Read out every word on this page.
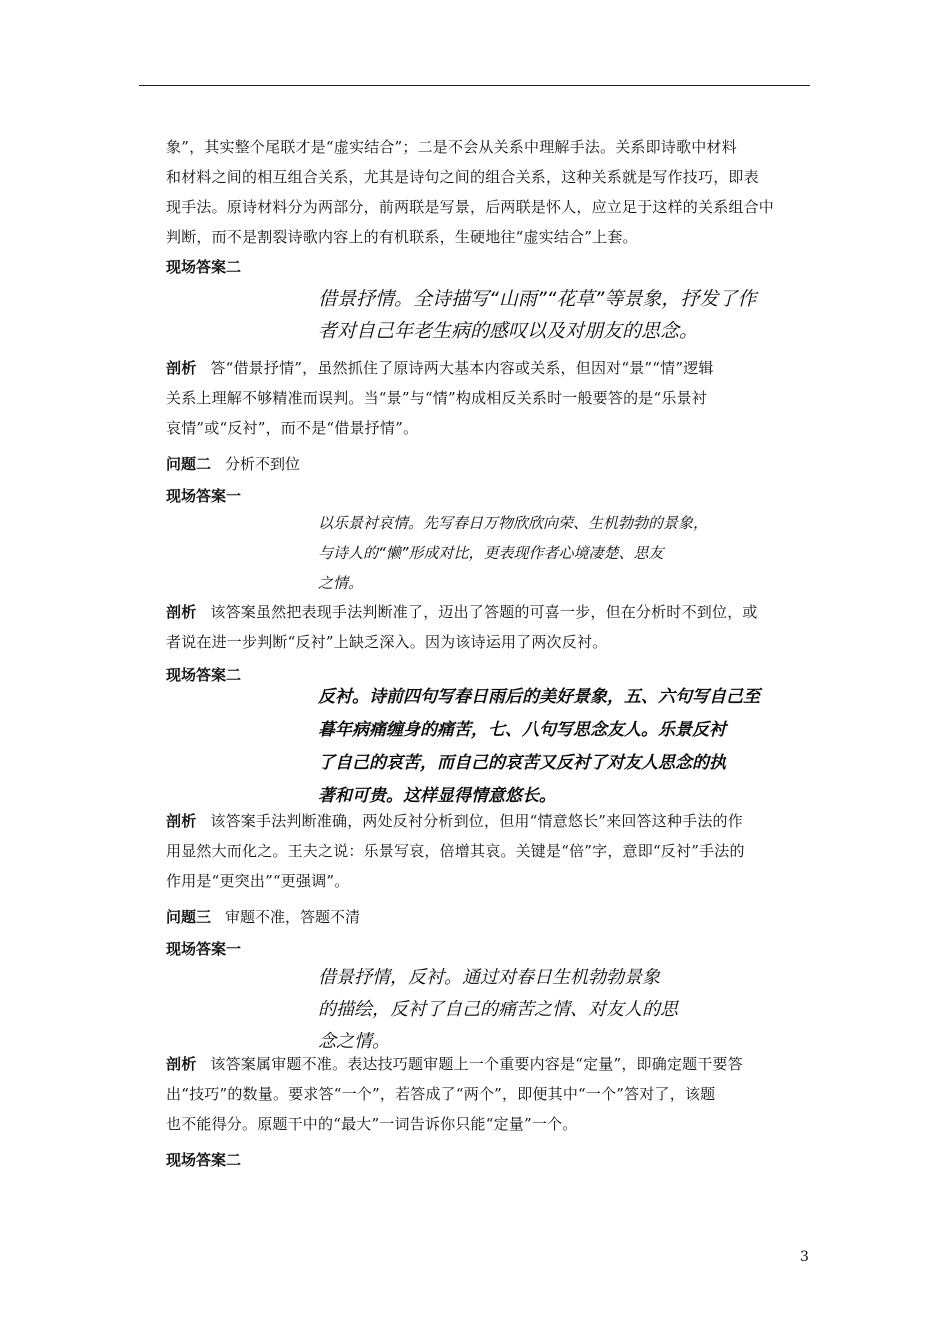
象”，其实整个尾联才是“虚实结合”；二是不会从关系中理解手法。关系即诗歌中材料

和材料之间的相互组合关系，尤其是诗句之间的组合关系，这种关系就是写作技巧，即表

现手法。原诗材料分为两部分，前两联是写景，后两联是怀人，应立足于这样的关系组合中

判断，而不是割裂诗歌内容上的有机联系，生硬地往“虚实结合”上套。

现场答案二

借景抒情。全诗描写“山雨”“花草”等景象，抒发了作
者对自己年老生病的感叹以及对朋友的思念。

剖析 答“借景抒情”，虽然抓住了原诗两大基本内容或关系，但因对“景”“情”逻辑

关系上理解不够精准而误判。当“景”与“情”构成相反关系时一般要答的是“乐景衬

哀情”或“反衬”，而不是“借景抒情”。

问题二 分析不到位

现场答案一

以乐景衬哀情。先写春日万物欣欣向荣、生机勃勃的景象，
与诗人的“懒”形成对比，更表现作者心境凄楚、思友
之情。

剖析 该答案虽然把表现手法判断准了，迈出了答题的可喜一步，但在分析时不到位，或

者说在进一步判断“反衬”上缺乏深入。因为该诗运用了两次反衬。

现场答案二

反衬。诗前四句写春日雨后的美好景象，五、六句写自己至
暮年病痛缠身的痛苦，七、八句写思念友人。乐景反衬
了自己的哀苦，而自己的哀苦又反衬了对友人思念的执
著和可贵。这样显得情意悠长。

剖析 该答案手法判断准确，两处反衬分析到位，但用“情意悠长”来回答这种手法的作

用显然大而化之。王夫之说：乐景写哀，倍增其哀。关键是“倍”字，意即“反衬”手法的

作用是“更突出”“更强调”。

问题三 审题不准，答题不清

现场答案一

借景抒情，反衬。通过对春日生机勃勃景象
的描绘，反衬了自己的痛苦之情、对友人的思
念之情。

剖析 该答案属审题不准。表达技巧题审题上一个重要内容是“定量”，即确定题干要答

出“技巧”的数量。要求答“一个”，若答成了“两个”，即便其中“一个”答对了，该题

也不能得分。原题干中的“最大”一词告诉你只能“定量”一个。

现场答案二

3
